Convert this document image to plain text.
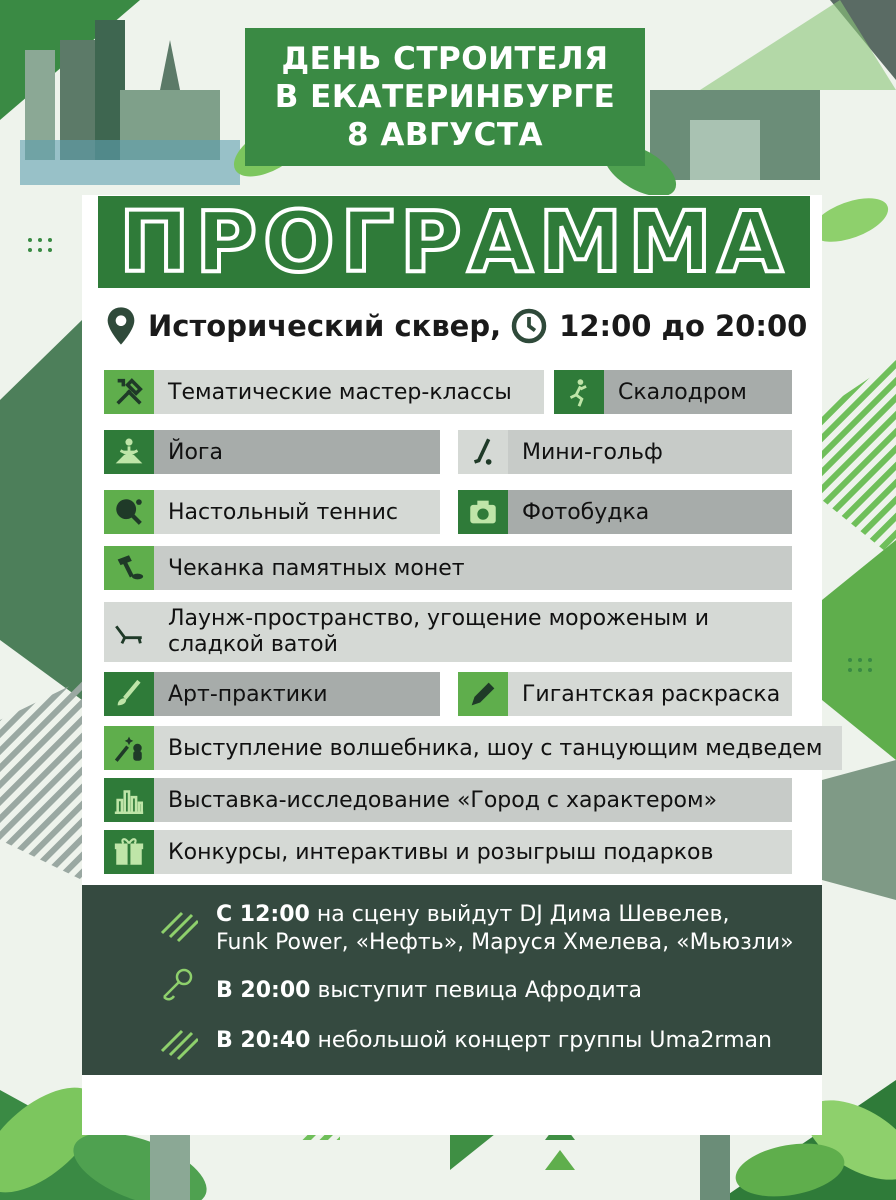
ДЕНЬ СТРОИТЕЛЯ
В ЕКАТЕРИНБУРГЕ
8 АВГУСТА
ПРОГРАММА
Исторический сквер, 12:00 до 20:00
Тематические мастер-классы	Скалодром
Йога	Мини-гольф
Настольный теннис	Фотобудка
Чеканка памятных монет
Лаунж-пространство, угощение мороженым и сладкой ватой
Арт-практики	Гигантская раскраска
Выступление волшебника, шоу с танцующим медведем
Выставка-исследование «Город с характером»
Конкурсы, интерактивы и розыгрыш подарков
С 12:00 на сцену выйдут DJ Дима Шевелев,
Funk Power, «Нефть», Маруся Хмелева, «Мьюзли»
В 20:00 выступит певица Афродита
В 20:40 небольшой концерт группы Uma2rman
